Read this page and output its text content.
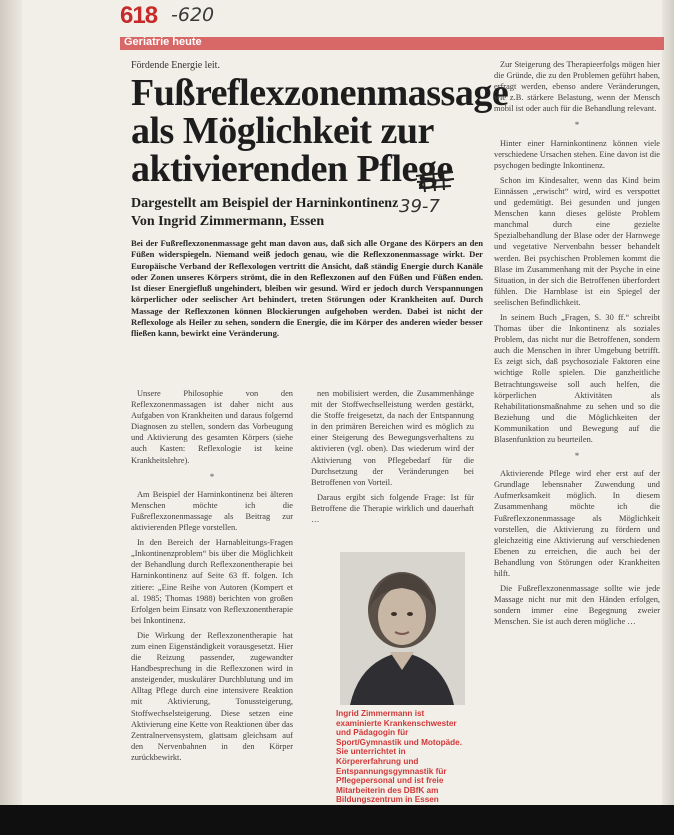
618 -620
Geriatrie heute
Fördende Energie leit.
Fußreflexzonenmassage als Möglichkeit zur aktivierenden Pflege
Dargestellt am Beispiel der Harninkontinenz
Von Ingrid Zimmermann, Essen
39-7

Bei der Fußreflexzonenmassage geht man davon aus, daß sich alle Organe des Körpers an den Füßen widerspiegeln. Niemand weiß jedoch genau, wie die Reflexzonenmassage wirkt. Der Europäische Verband der Reflexologen vertritt die Ansicht, daß ständig Energie durch Kanäle oder Zonen unseres Körpers strömt, die in den Reflexzonen auf den Füßen und Füßen enden. Ist dieser Energiefluß ungehindert, bleiben wir gesund. Wird er jedoch durch Verspannungen körperlicher oder seelischer Art behindert, treten Störungen oder Krankheiten auf. Durch Massage der Reflexzonen können Blockierungen aufgehoben werden. Dabei ist nicht der Reflexologe als Heiler zu sehen, sondern die Energie, die im Körper des anderen wieder besser fließen kann, bewirkt eine Veränderung.

Unsere Philosophie von den Reflexzonenmassagen ist daher nicht aus Aufgaben von Krankheiten und daraus folgernd Diagnosen zu stellen, sondern das Vorbeugung und Aktivierung des gesamten Körpers (siehe auch Kasten: Reflexologie ist keine Krankheitslehre).

*

Am Beispiel der Harninkontinenz bei älteren Menschen möchte ich die Fußreflexzonenmassage als Beitrag zur aktivierenden Pflege vorstellen.

In den Bereich der Harnableitungs-Fragen „Inkontinenzproblem“ bis über die Möglichkeit der Behandlung durch Reflexzonentherapie bei Harninkontinenz auf Seite 63 ff. folgen. Ich zitiere: „Eine Reihe von Autoren (Kompert et al. 1985; Thomas 1988) berichten von großen Erfolgen beim Einsatz von Reflexzonentherapie bei Inkontinenz.

Die Wirkung der Reflexzonentherapie hat zum einen Eigenständigkeit vorausgesetzt. Hier die Reizung passender, zugewandter Handbesprechung in die Reflexzonen wird in ansteigender, muskulärer Durchblutung und im Alltag Pflege durch eine intensivere Reaktion mit Aktivierung, Tonussteigerung, Stoffwechselsteigerung. Diese setzen eine Aktivierung eine Kette von Reaktionen über das Zentralnervensystem, glattsam gleichsam auf den Nervenbahnen in den Körper zurückbewirkt.

nen mobilisiert werden, die Zusammenhänge mit der Stoffwechselleistung werden gestärkt, die Stoffe freigesetzt, da nach der Entspannung in den primären Bereichen wird es möglich zu einer Steigerung des Bewegungsverhaltens zu aktivieren (vgl. oben). Das wiederum wird der Aktivierung von Pflegebedarf für die Durchsetzung der Veränderungen bei Betroffenen von Vorteil.

Daraus ergibt sich folgende Frage: Ist für Betroffene die Therapie wirklich und dauerhaft …

Ingrid Zimmermann ist examinierte Krankenschwester und Pädagogin für Sport/Gymnastik und Motopäde. Sie unterrichtet in Körpererfahrung und Entspannungsgymnastik für Pflegepersonal und ist freie Mitarbeiterin des DBfK am Bildungszentrum in Essen

Zur Steigerung des Therapieerfolgs mögen hier die Gründe, die zu den Problemen geführt haben, erfragt werden, ebenso andere Veränderungen, wie z.B. stärkere Belastung, wenn der Mensch mobil ist oder auch für die Behandlung relevant.

*

Hinter einer Harninkontinenz können viele verschiedene Ursachen stehen. Eine davon ist die psychogen bedingte Inkontinenz.

Schon im Kindesalter, wenn das Kind beim Einnässen „erwischt“ wird, wird es verspottet und gedemütigt. Bei gesunden und jungen Menschen kann dieses gelöste Problem manchmal durch eine gezielte Spezialbehandlung der Blase oder der Harnwege und vegetative Nervenbahn besser behandelt werden. Bei psychischen Problemen kommt die Blase im Zusammenhang mit der Psyche in eine Situation, in der sich die Betroffenen überfordert fühlen. Die Harnblase ist ein Spiegel der seelischen Befindlichkeit.

In seinem Buch „Fragen, S. 30 ff.“ schreibt Thomas über die Inkontinenz als soziales Problem, das nicht nur die Betroffenen, sondern auch die Menschen in ihrer Umgebung betrifft. Es zeigt sich, daß psychosoziale Faktoren eine wichtige Rolle spielen. Die ganzheitliche Betrachtungsweise soll auch helfen, die körperlichen Aktivitäten als Rehabilitationsmaßnahme zu sehen und so die Beziehung und die Möglichkeiten der Kommunikation und Bewegung auf die Blasenfunktion zu beurteilen.

*

Aktivierende Pflege wird eher erst auf der Grundlage lebensnaher Zuwendung und Aufmerksamkeit möglich. In diesem Zusammenhang möchte ich die Fußreflexzonenmassage als Möglichkeit vorstellen, die Aktivierung zu fördern und gleichzeitig eine Aktivierung auf verschiedenen Ebenen zu erreichen, die auch bei der Behandlung von Störungen oder Krankheiten hilft.

Die Fußreflexzonenmassage sollte wie jede Massage nicht nur mit den Händen erfolgen, sondern immer eine Begegnung zweier Menschen. Sie ist auch deren mögliche …
